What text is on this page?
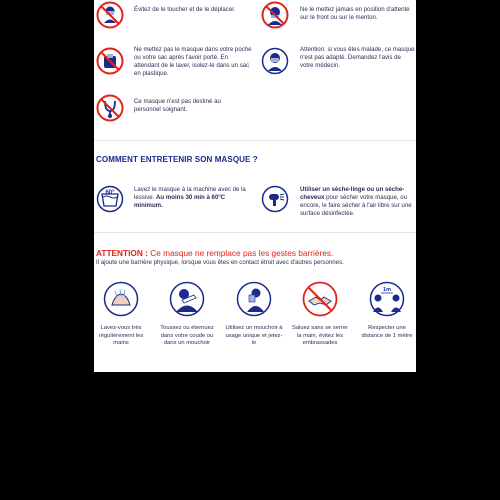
Évitez de le toucher et de le déplacer.	Ne le mettez jamais en position d'attente sur le front ou sur le menton.
Ne mettez pas le masque dans votre poche ou votre sac après l'avoir porté. En attendant de le laver, isolez-le dans un sac en plastique.
Attention: si vous êtes malade, ce masque n'est pas adapté. Demandez l'avis de votre médecin.
Ce masque n'est pas destiné au personnel soignant.
COMMENT ENTRETENIR SON MASQUE ?
60°	Lavez le masque à la machine avec de la lessive. Au moins 30 min à 60°C minimum.
Utiliser un sèche-linge ou un sèche-cheveux pour sécher votre masque, ou encore, le faire sécher à l'air libre sur une surface désinfectée.
ATTENTION : Ce masque ne remplace pas les gestes barrières.
Il ajoute une barrière physique, lorsque vous êtes en contact étroit avec d'autres personnes.
Lavez-vous très régulièrement les mains
Toussez ou éternuez dans votre coude ou dans un mouchoir
Utilisez un mouchoir à usage unique et jetez-le
Saluez sans se serrer la main, évitez les embrassades
1m
Respecter une distance de 1 mètre
